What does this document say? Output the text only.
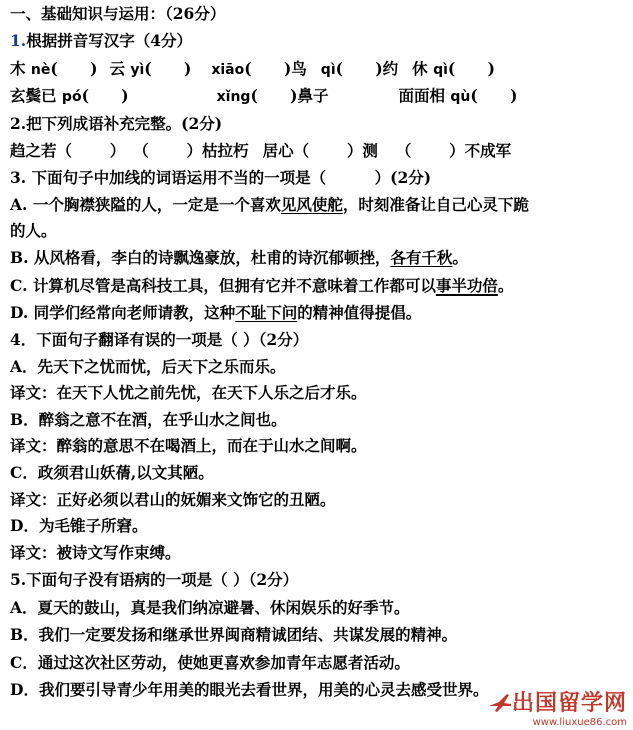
一、基础知识与运用：（26分）
1.根据拼音写汉字（4分）
木 nè(      ) 云 yì(      ) xiāo(      )鸟 qì(      )约 休 qì(      )
玄鬓已 pó(      )	xǐng(      )鼻子	面面相 qù(      )
2.把下列成语补充完整。(2分)
趋之若（       ） （       ）枯拉朽 居心（       ）测 （       ）不成军
3. 下面句子中加线的词语运用不当的一项是（         ）(2分)
A. 一个胸襟狭隘的人，一定是一个喜欢见风使舵，时刻准备让自己心灵下跪
的人。
B. 从风格看，李白的诗飘逸豪放，杜甫的诗沉郁顿挫，各有千秋。
C. 计算机尽管是高科技工具，但拥有它并不意味着工作都可以事半功倍。
D. 同学们经常向老师请教，这种不耻下问的精神值得提倡。
4．下面句子翻译有误的一项是（ ）（2分）
A．先天下之忧而忧，后天下之乐而乐。
译文：在天下人忧之前先忧，在天下人乐之后才乐。
B．醉翁之意不在酒，在乎山水之间也。
译文：醉翁的意思不在喝酒上，而在于山水之间啊。
C．政须君山妖蒨,以文其陋。
译文：正好必须以君山的妩媚来文饰它的丑陋。
D．为毛锥子所窘。
译文：被诗文写作束缚。
5.下面句子没有语病的一项是（ ）（2分）
A．夏天的鼓山，真是我们纳凉避暑、休闲娱乐的好季节。
B．我们一定要发扬和继承世界闽商精诚团结、共谋发展的精神。
C．通过这次社区劳动，使她更喜欢参加青年志愿者活动。
D．我们要引导青少年用美的眼光去看世界，用美的心灵去感受世界。
出国留学网
www.liuxue86.com
